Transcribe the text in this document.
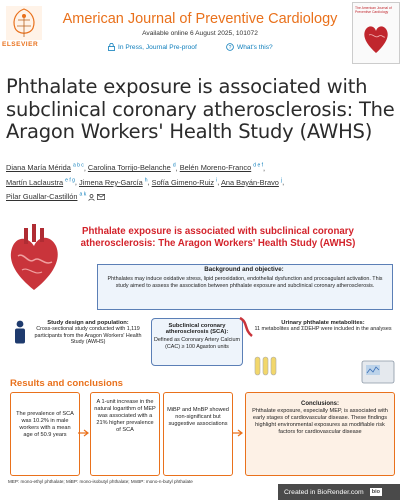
ELSEVIER
American Journal of Preventive Cardiology
Available online 6 August 2025, 101072
In Press, Journal Pre-proof	? What's this?
The American Journal of Preventive Cardiology
Phthalate exposure is associated with subclinical coronary atherosclerosis: The Aragon Workers' Health Study (AWHS)
Diana María Mérida $^{a b c}$, Carolina Torrijo-Belanche $^d$, Belén Moreno-Franco $^{d e f}$,
Martín Laclaustra $^{e f g}$, Jimena Rey-García $^h$, Sofía Gimeno-Ruiz $^i$, Ana Bayán-Bravo $^j$,
Pilar Guallar-Castillón $^{a k}$
Phthalate exposure is associated with subclinical coronary atherosclerosis: The Aragon Workers' Health Study (AWHS)
Background and objective:
Phthalates may induce oxidative stress, lipid peroxidation, endothelial dysfunction and procoagulant activation. This study aimed to assess the association between phthalate exposure and subclinical coronary atherosclerosis.
Study design and population:
Cross-sectional study conducted with 1,119 participants from the Aragon Workers' Health Study (AWHS)
Subclinical coronary atherosclerosis (SCA):
Defined as Coronary Artery Calcium (CAC) ≥ 100 Agaston units
Urinary phthalate metabolites:
11 metabolites and ΣDEHP were included in the analyses
Results and conclusions
The prevalence of SCA was 10.2% in male workers with a mean age of 50.9 years
A 1-unit increase in the natural logarithm of MEP was associated with a 21% higher prevalence of SCA
MiBP and MnBP showed non-significant but suggestive associations
Conclusions:
Phthalate exposure, especially MEP, is associated with early stages of cardiovascular disease. These findings highlight environmental exposures as modifiable risk factors for cardiovascular disease
MEP: mono-ethyl phthalate; MiBP: mono-isobutyl phthalate; MnBP: mono-n-butyl phthalate
Created in BioRender.com	bio
